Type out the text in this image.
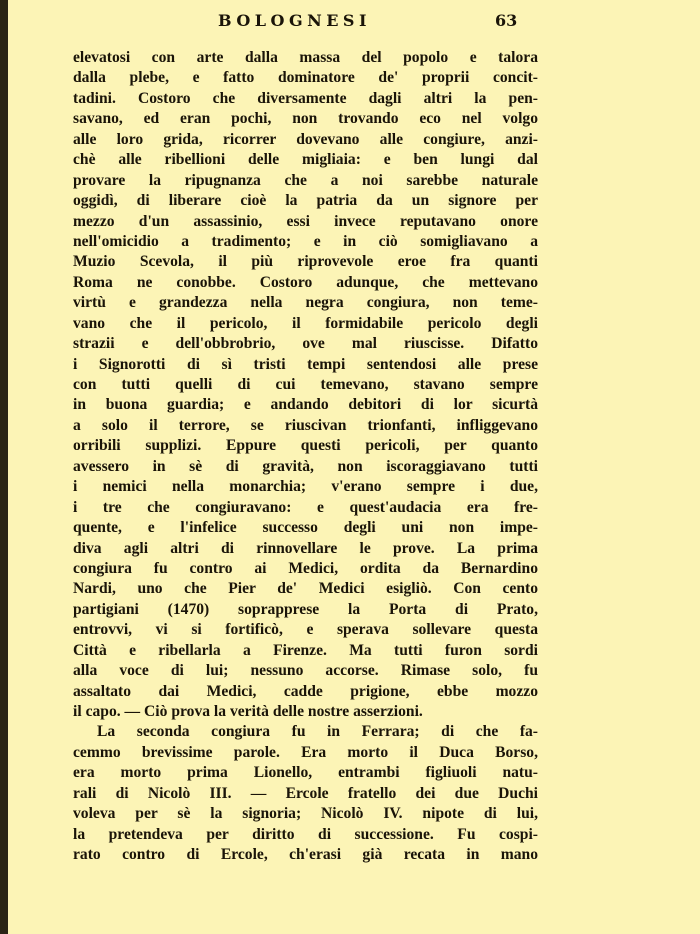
BOLOGNESI	63
elevatosi con arte dalla massa del popolo e talora
dalla plebe, e fatto dominatore de' proprii concit-
tadini. Costoro che diversamente dagli altri la pen-
savano, ed eran pochi, non trovando eco nel volgo
alle loro grida, ricorrer dovevano alle congiure, anzi-
chè alle ribellioni delle migliaia: e ben lungi dal
provare la ripugnanza che a noi sarebbe naturale
oggidì, di liberare cioè la patria da un signore per
mezzo d'un assassinio, essi invece reputavano onore
nell'omicidio a tradimento; e in ciò somigliavano a
Muzio Scevola, il più riprovevole eroe fra quanti
Roma ne conobbe. Costoro adunque, che mettevano
virtù e grandezza nella negra congiura, non teme-
vano che il pericolo, il formidabile pericolo degli
strazii e dell'obbrobrio, ove mal riuscisse. Difatto
i Signorotti di sì tristi tempi sentendosi alle prese
con tutti quelli di cui temevano, stavano sempre
in buona guardia; e andando debitori di lor sicurtà
a solo il terrore, se riuscivan trionfanti, infliggevano
orribili supplizi. Eppure questi pericoli, per quanto
avessero in sè di gravità, non iscoraggiavano tutti
i nemici nella monarchia; v'erano sempre i due,
i tre che congiuravano: e quest'audacia era fre-
quente, e l'infelice successo degli uni non impe-
diva agli altri di rinnovellare le prove. La prima
congiura fu contro ai Medici, ordita da Bernardino
Nardi, uno che Pier de' Medici esigliò. Con cento
partigiani (1470) soprappresе la Porta di Prato,
entrovvi, vi si fortificò, e sperava sollevare questa
Città e ribellarla a Firenze. Ma tutti furon sordi
alla voce di lui; nessuno accorse. Rimase solo, fu
assaltato dai Medici, cadde prigione, ebbe mozzo
il capo. — Ciò prova la verità delle nostre asserzioni.
La seconda congiura fu in Ferrara; di che fa-
cemmo brevissime parole. Era morto il Duca Borso,
era morto prima Lionello, entrambi figliuoli natu-
rali di Nicolò III. — Ercole fratello dei due Duchi
voleva per sè la signoria; Nicolò IV. nipote di lui,
la pretendeva per diritto di successione. Fu cospi-
rato contro di Ercole, ch'erasi già recata in mano
